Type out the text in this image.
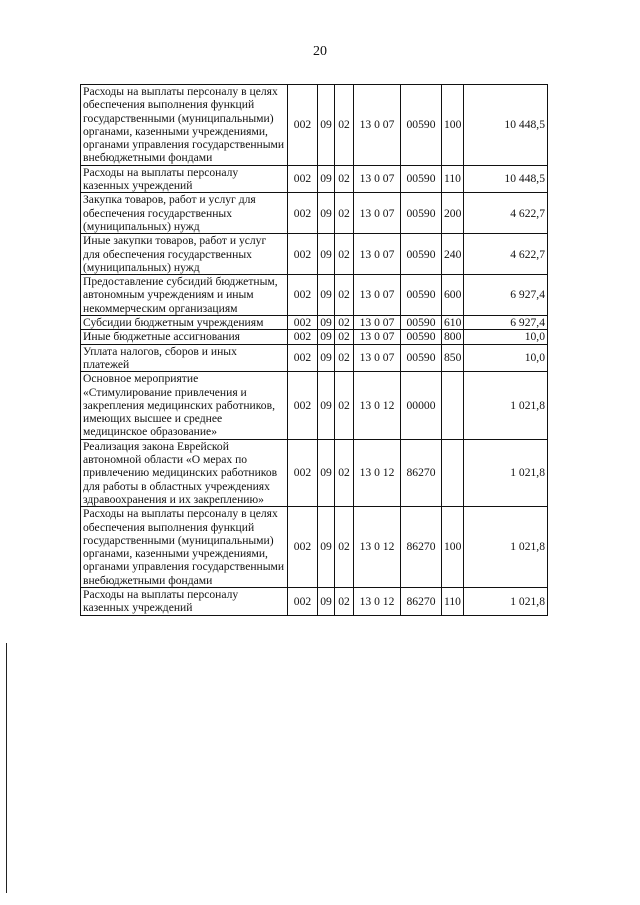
20
Расходы на выплаты персоналу в целях обеспечения выполнения функций государственными (муниципальными) органами, казенными учреждениями, органами управления государственными внебюджетными фондами	002	09	02	13 0 07	00590	100	10 448,5
Расходы на выплаты персоналу казенных учреждений	002	09	02	13 0 07	00590	110	10 448,5
Закупка товаров, работ и услуг для обеспечения государственных (муниципальных) нужд	002	09	02	13 0 07	00590	200	4 622,7
Иные закупки товаров, работ и услуг для обеспечения государственных (муниципальных) нужд	002	09	02	13 0 07	00590	240	4 622,7
Предоставление субсидий бюджетным, автономным учреждениям и иным некоммерческим организациям	002	09	02	13 0 07	00590	600	6 927,4
Субсидии бюджетным учреждениям	002	09	02	13 0 07	00590	610	6 927,4
Иные бюджетные ассигнования	002	09	02	13 0 07	00590	800	10,0
Уплата налогов, сборов и иных платежей	002	09	02	13 0 07	00590	850	10,0
Основное мероприятие «Стимулирование привлечения и закрепления медицинских работников, имеющих высшее и среднее медицинское образование»	002	09	02	13 0 12	00000		1 021,8
Реализация закона Еврейской автономной области «О мерах по привлечению медицинских работников для работы в областных учреждениях здравоохранения и их закреплению»	002	09	02	13 0 12	86270		1 021,8
Расходы на выплаты персоналу в целях обеспечения выполнения функций государственными (муниципальными) органами, казенными учреждениями, органами управления государственными внебюджетными фондами	002	09	02	13 0 12	86270	100	1 021,8
Расходы на выплаты персоналу казенных учреждений	002	09	02	13 0 12	86270	110	1 021,8
